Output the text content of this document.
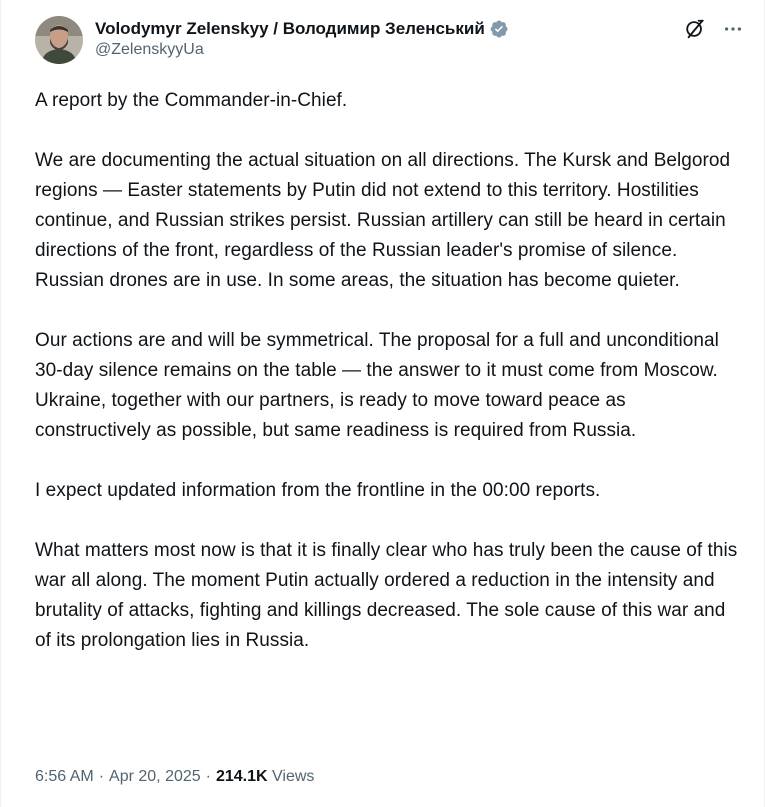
Volodymyr Zelenskyy / Володимир Зеленський
@ZelenskyyUa

A report by the Commander-in-Chief.

We are documenting the actual situation on all directions. The Kursk and Belgorod regions — Easter statements by Putin did not extend to this territory. Hostilities continue, and Russian strikes persist. Russian artillery can still be heard in certain directions of the front, regardless of the Russian leader's promise of silence. Russian drones are in use. In some areas, the situation has become quieter.

Our actions are and will be symmetrical. The proposal for a full and unconditional 30-day silence remains on the table — the answer to it must come from Moscow. Ukraine, together with our partners, is ready to move toward peace as constructively as possible, but same readiness is required from Russia.

I expect updated information from the frontline in the 00:00 reports.

What matters most now is that it is finally clear who has truly been the cause of this war all along. The moment Putin actually ordered a reduction in the intensity and brutality of attacks, fighting and killings decreased. The sole cause of this war and of its prolongation lies in Russia.

6:56 AM · Apr 20, 2025 · 214.1K Views
